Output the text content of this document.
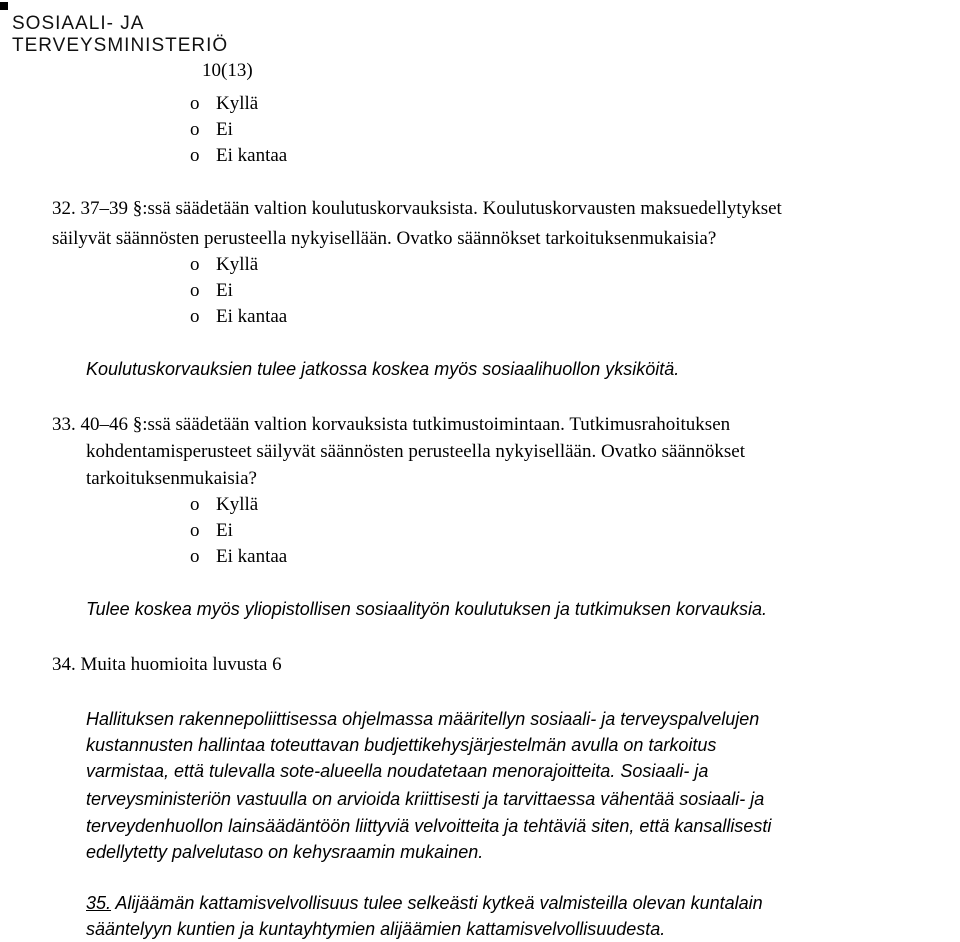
SOSIAALI- JA
TERVEYSMINISTERIÖ
10(13)
o Kyllä
o Ei
o Ei kantaa
32. 37–39 §:ssä säädetään valtion koulutuskorvauksista. Koulutuskorvausten maksuedellytykset
säilyvät säännösten perusteella nykyisellään. Ovatko säännökset tarkoituksenmukaisia?
o Kyllä
o Ei
o Ei kantaa
Koulutuskorvauksien tulee jatkossa koskea myös sosiaalihuollon yksiköitä.
33. 40–46 §:ssä säädetään valtion korvauksista tutkimustoimintaan. Tutkimusrahoituksen
kohdentamisperusteet säilyvät säännösten perusteella nykyisellään. Ovatko säännökset
tarkoituksenmukaisia?
o Kyllä
o Ei
o Ei kantaa
Tulee koskea myös yliopistollisen sosiaalityön koulutuksen ja tutkimuksen korvauksia.
34. Muita huomioita luvusta 6
Hallituksen rakennepoliittisessa ohjelmassa määritellyn sosiaali- ja terveyspalvelujen
kustannusten hallintaa toteuttavan budjettikehysjärjestelmän avulla on tarkoitus
varmistaa, että tulevalla sote-alueella noudatetaan menorajoitteita. Sosiaali- ja
terveysministeriön vastuulla on arvioida kriittisesti ja tarvittaessa vähentää sosiaali- ja
terveydenhuollon lainsäädäntöön liittyviä velvoitteita ja tehtäviä siten, että kansallisesti
edellytetty palvelutaso on kehysraamin mukainen.
35. Alijäämän kattamisvelvollisuus tulee selkeästi kytkeä valmisteilla olevan kuntalain
sääntelyyn kuntien ja kuntayhtymien alijäämien kattamisvelvollisuudesta.
